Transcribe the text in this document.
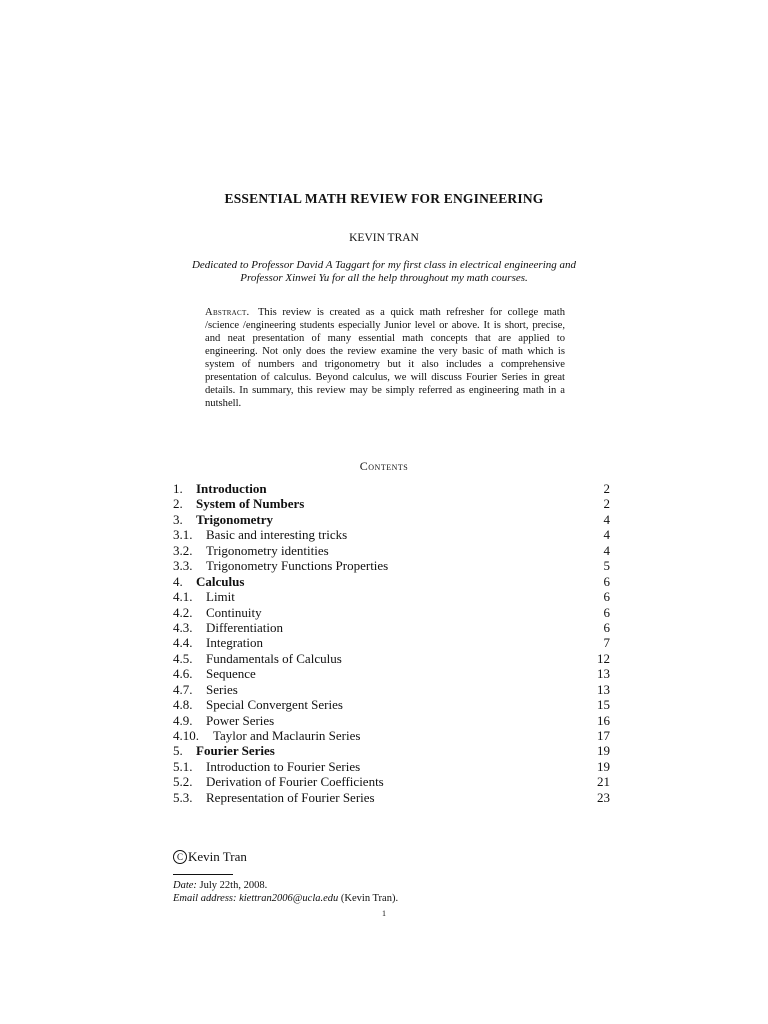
ESSENTIAL MATH REVIEW FOR ENGINEERING
KEVIN TRAN
Dedicated to Professor David A Taggart for my first class in electrical engineering and Professor Xinwei Yu for all the help throughout my math courses.
Abstract. This review is created as a quick math refresher for college math /science /engineering students especially Junior level or above. It is short, precise, and neat presentation of many essential math concepts that are applied to engineering. Not only does the review examine the very basic of math which is system of numbers and trigonometry but it also includes a comprehensive presentation of calculus. Beyond calculus, we will discuss Fourier Series in great details. In summary, this review may be simply referred as engineering math in a nutshell.
Contents
1. Introduction	2
2. System of Numbers	2
3. Trigonometry	4
3.1. Basic and interesting tricks	4
3.2. Trigonometry identities	4
3.3. Trigonometry Functions Properties	5
4. Calculus	6
4.1. Limit	6
4.2. Continuity	6
4.3. Differentiation	6
4.4. Integration	7
4.5. Fundamentals of Calculus	12
4.6. Sequence	13
4.7. Series	13
4.8. Special Convergent Series	15
4.9. Power Series	16
4.10. Taylor and Maclaurin Series	17
5. Fourier Series	19
5.1. Introduction to Fourier Series	19
5.2. Derivation of Fourier Coefficients	21
5.3. Representation of Fourier Series	23
C Kevin Tran
Date: July 22th, 2008.
Email address: kiettran2006@ucla.edu (Kevin Tran).
1
